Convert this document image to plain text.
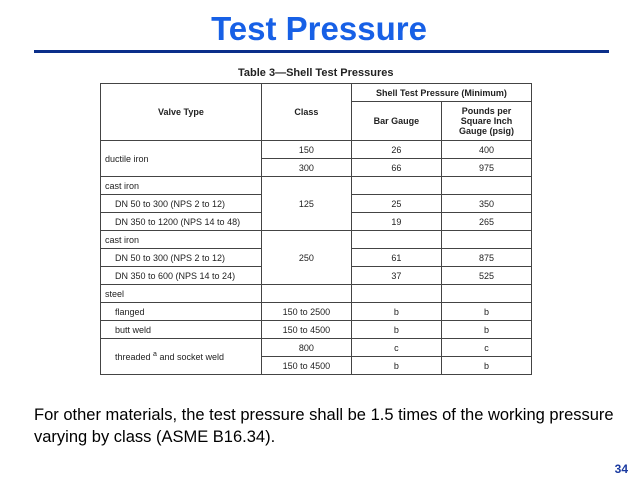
Test Pressure
Table 3—Shell Test Pressures
Valve Type	Class	Shell Test Pressure (Minimum)	
		Bar Gauge	Pounds per Square Inch Gauge (psig)
ductile iron	150	26	400
	300	66	975
cast iron	125		
DN 50 to 300 (NPS 2 to 12)		25	350
DN 350 to 1200 (NPS 14 to 48)		19	265
cast iron	250		
DN 50 to 300 (NPS 2 to 12)		61	875
DN 350 to 600 (NPS 14 to 24)		37	525
steel			
flanged	150 to 2500	b	b
butt weld	150 to 4500	b	b
threaded $^a$ and socket weld	800	c	c
	150 to 4500	b	b
For other materials, the test pressure shall be 1.5 times of the working pressure varying by class (ASME B16.34).
34
